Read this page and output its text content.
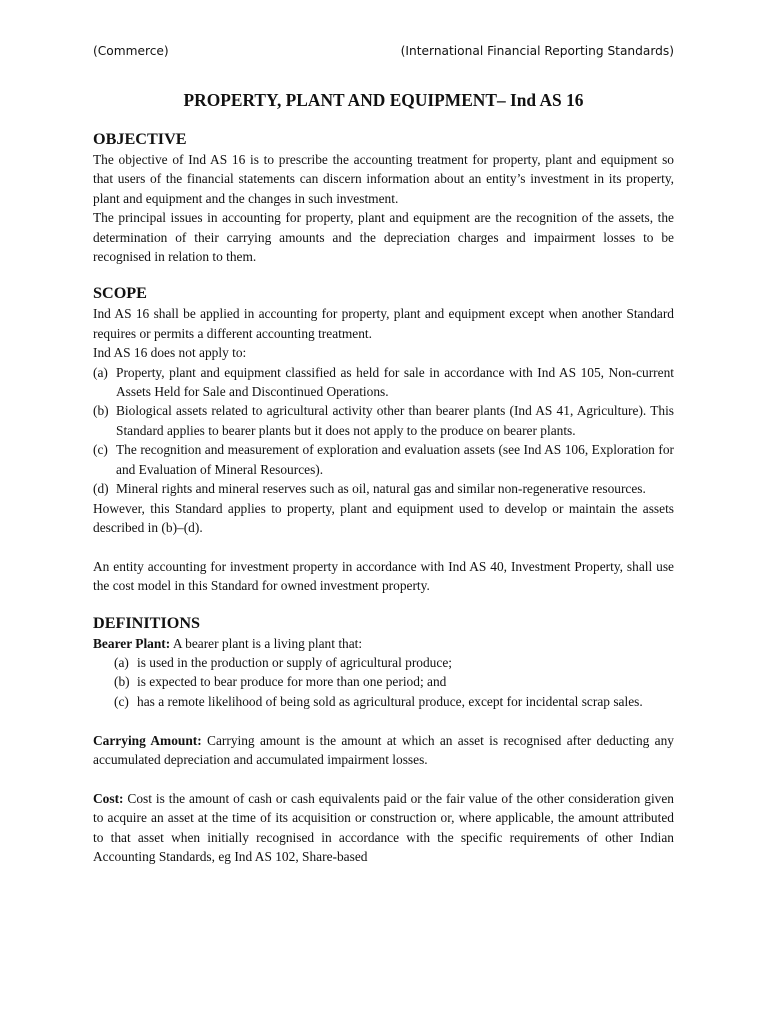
(Commerce)	(International Financial Reporting Standards)
PROPERTY, PLANT AND EQUIPMENT– Ind AS 16
OBJECTIVE

The objective of Ind AS 16 is to prescribe the accounting treatment for property, plant and equipment so that users of the financial statements can discern information about an entity’s investment in its property, plant and equipment and the changes in such investment.

The principal issues in accounting for property, plant and equipment are the recognition of the assets, the determination of their carrying amounts and the depreciation charges and impairment losses to be recognised in relation to them.

SCOPE

Ind AS 16 shall be applied in accounting for property, plant and equipment except when another Standard requires or permits a different accounting treatment.

Ind AS 16 does not apply to:

(a) Property, plant and equipment classified as held for sale in accordance with Ind AS 105, Non-current Assets Held for Sale and Discontinued Operations.
(b) Biological assets related to agricultural activity other than bearer plants (Ind AS 41, Agriculture). This Standard applies to bearer plants but it does not apply to the produce on bearer plants.
(c) The recognition and measurement of exploration and evaluation assets (see Ind AS 106, Exploration for and Evaluation of Mineral Resources).
(d) Mineral rights and mineral reserves such as oil, natural gas and similar non-regenerative resources.

However, this Standard applies to property, plant and equipment used to develop or maintain the assets described in (b)–(d).

An entity accounting for investment property in accordance with Ind AS 40, Investment Property, shall use the cost model in this Standard for owned investment property.

DEFINITIONS

Bearer Plant: A bearer plant is a living plant that:

(a) is used in the production or supply of agricultural produce;
(b) is expected to bear produce for more than one period; and
(c) has a remote likelihood of being sold as agricultural produce, except for incidental scrap sales.

Carrying Amount: Carrying amount is the amount at which an asset is recognised after deducting any accumulated depreciation and accumulated impairment losses.

Cost: Cost is the amount of cash or cash equivalents paid or the fair value of the other consideration given to acquire an asset at the time of its acquisition or construction or, where applicable, the amount attributed to that asset when initially recognised in accordance with the specific requirements of other Indian Accounting Standards, eg Ind AS 102, Share-based
